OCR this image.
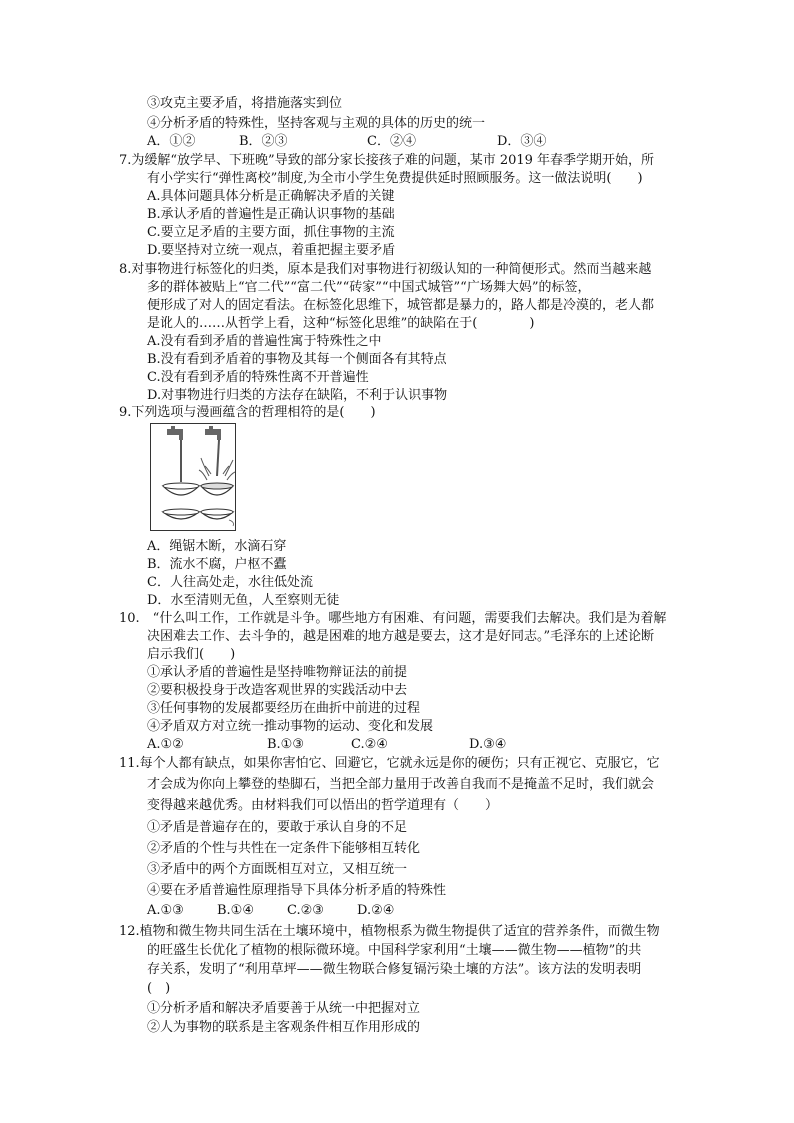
③攻克主要矛盾，将措施落实到位
④分析矛盾的特殊性，坚持客观与主观的具体的历史的统一
A．①②	B．②③	C．②④	D．③④
7.为缓解“放学早、下班晚”导致的部分家长接孩子难的问题，某市 2019 年春季学期开始，所
有小学实行“弹性离校”制度,为全市小学生免费提供延时照顾服务。这一做法说明(　　)
A.具体问题具体分析是正确解决矛盾的关键
B.承认矛盾的普遍性是正确认识事物的基础
C.要立足矛盾的主要方面，抓住事物的主流
D.要坚持对立统一观点，着重把握主要矛盾
8.对事物进行标签化的归类，原本是我们对事物进行初级认知的一种简便形式。然而当越来越
多的群体被贴上“官二代”“富二代”“砖家”“中国式城管”“广场舞大妈”的标签，
便形成了对人的固定看法。在标签化思维下，城管都是暴力的，路人都是冷漠的，老人都
是讹人的……从哲学上看，这种“标签化思维”的缺陷在于(　　　　)
A.没有看到矛盾的普遍性寓于特殊性之中
B.没有看到矛盾着的事物及其每一个侧面各有其特点
C.没有看到矛盾的特殊性离不开普遍性
D.对事物进行归类的方法存在缺陷，不利于认识事物
9.下列选项与漫画蕴含的哲理相符的是(　　)
A．绳锯木断，水滴石穿
B．流水不腐，户枢不蠹
C．人往高处走，水往低处流
D．水至清则无鱼，人至察则无徒
10.　“什么叫工作，工作就是斗争。哪些地方有困难、有问题，需要我们去解决。我们是为着解
决困难去工作、去斗争的，越是困难的地方越是要去，这才是好同志。”毛泽东的上述论断
启示我们(　　)
①承认矛盾的普遍性是坚持唯物辩证法的前提
②要积极投身于改造客观世界的实践活动中去
③任何事物的发展都要经历在曲折中前进的过程
④矛盾双方对立统一推动事物的运动、变化和发展
A.①②	B.①③	C.②④	D.③④
11.每个人都有缺点，如果你害怕它、回避它，它就永远是你的硬伤；只有正视它、克服它，它
才会成为你向上攀登的垫脚石，当把全部力量用于改善自我而不是掩盖不足时，我们就会
变得越来越优秀。由材料我们可以悟出的哲学道理有（　　）
①矛盾是普遍存在的，要敢于承认自身的不足
②矛盾的个性与共性在一定条件下能够相互转化
③矛盾中的两个方面既相互对立，又相互统一
④要在矛盾普遍性原理指导下具体分析矛盾的特殊性
A.①③	B.①④	C.②③	D.②④
12.植物和微生物共同生活在土壤环境中，植物根系为微生物提供了适宜的营养条件，而微生物
的旺盛生长优化了植物的根际微环境。中国科学家利用“土壤——微生物——植物”的共
存关系，发明了“利用草坪——微生物联合修复镉污染土壤的方法”。该方法的发明表明
(　)
①分析矛盾和解决矛盾要善于从统一中把握对立
②人为事物的联系是主客观条件相互作用形成的
